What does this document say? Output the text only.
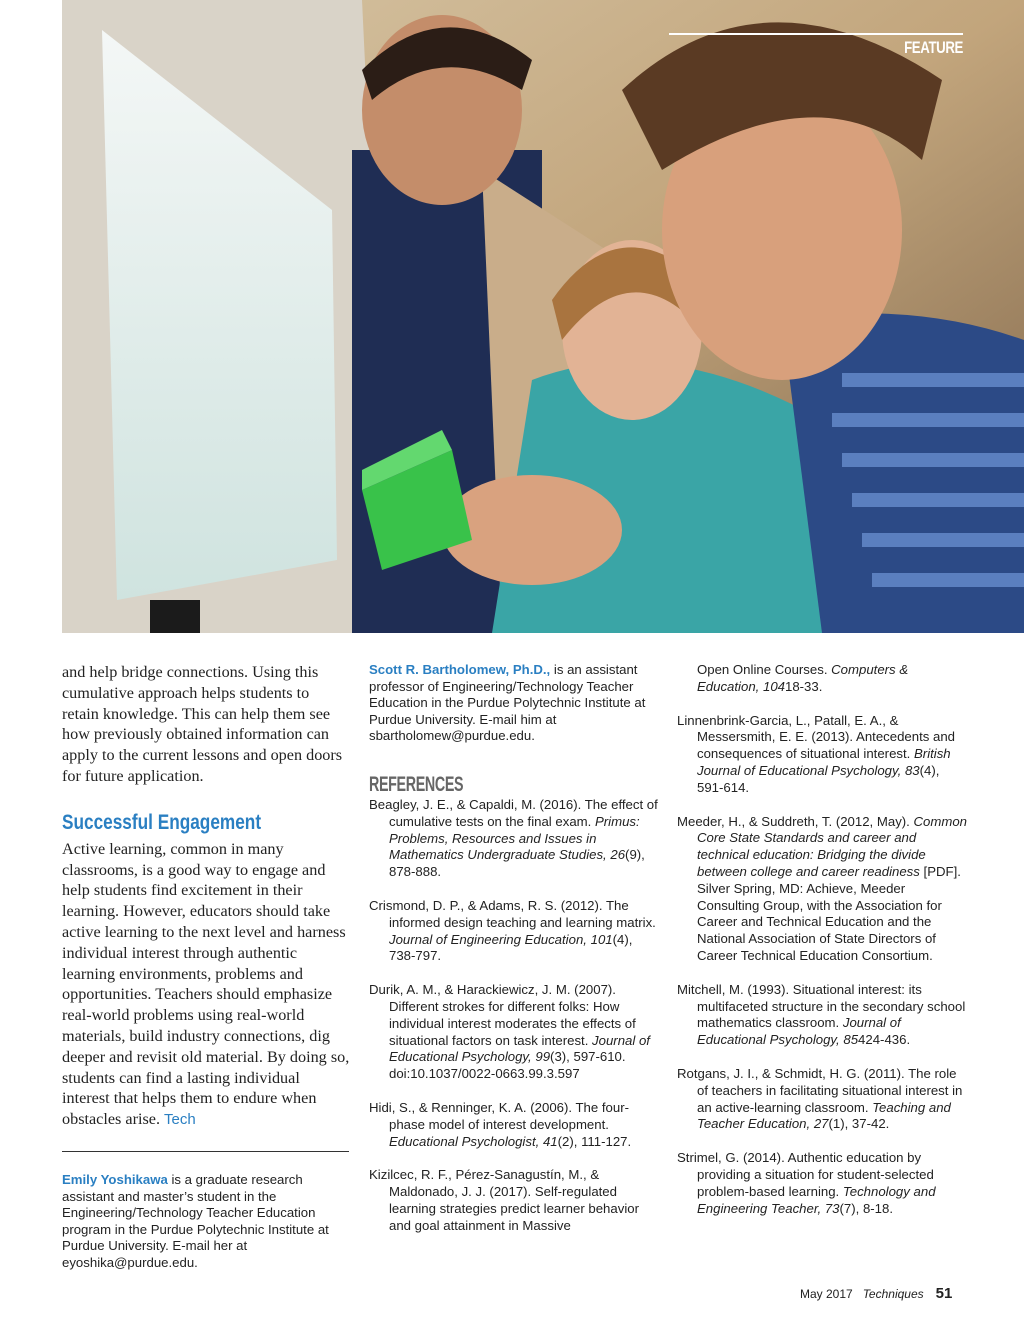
FEATURE

and help bridge connections. Using this cumulative approach helps students to retain knowledge. This can help them see how previously obtained information can apply to the current lessons and open doors for future application.

Successful Engagement

Active learning, common in many classrooms, is a good way to engage and help students find excitement in their learning. However, educators should take active learning to the next level and harness individual interest through authentic learning environments, problems and opportunities. Teachers should emphasize real-world problems using real-world materials, build industry connections, dig deeper and revisit old material. By doing so, students can find a lasting individual interest that helps them to endure when obstacles arise. Tech

Emily Yoshikawa is a graduate research assistant and master’s student in the Engineering/Technology Teacher Education program in the Purdue Polytechnic Institute at Purdue University. E-mail her at eyoshika@purdue.edu.

Scott R. Bartholomew, Ph.D., is an assistant professor of Engineering/Technology Teacher Education in the Purdue Polytechnic Institute at Purdue University. E-mail him at sbartholomew@purdue.edu.

REFERENCES

Beagley, J. E., & Capaldi, M. (2016). The effect of cumulative tests on the final exam. Primus: Problems, Resources and Issues in Mathematics Undergraduate Studies, 26(9), 878-888.

Crismond, D. P., & Adams, R. S. (2012). The informed design teaching and learning matrix. Journal of Engineering Education, 101(4), 738-797.

Durik, A. M., & Harackiewicz, J. M. (2007). Different strokes for different folks: How individual interest moderates the effects of situational factors on task interest. Journal of Educational Psychology, 99(3), 597-610. doi:10.1037/0022-0663.99.3.597

Hidi, S., & Renninger, K. A. (2006). The four-phase model of interest development. Educational Psychologist, 41(2), 111-127.

Kizilcec, R. F., Pérez-Sanagustín, M., & Maldonado, J. J. (2017). Self-regulated learning strategies predict learner behavior and goal attainment in Massive

Open Online Courses. Computers & Education, 10418-33.

Linnenbrink-Garcia, L., Patall, E. A., & Messersmith, E. E. (2013). Antecedents and consequences of situational interest. British Journal of Educational Psychology, 83(4), 591-614.

Meeder, H., & Suddreth, T. (2012, May). Common Core State Standards and career and technical education: Bridging the divide between college and career readiness [PDF]. Silver Spring, MD: Achieve, Meeder Consulting Group, with the Association for Career and Technical Education and the National Association of State Directors of Career Technical Education Consortium.

Mitchell, M. (1993). Situational interest: its multifaceted structure in the secondary school mathematics classroom. Journal of Educational Psychology, 85424-436.

Rotgans, J. I., & Schmidt, H. G. (2011). The role of teachers in facilitating situational interest in an active-learning classroom. Teaching and Teacher Education, 27(1), 37-42.

Strimel, G. (2014). Authentic education by providing a situation for student-selected problem-based learning. Technology and Engineering Teacher, 73(7), 8-18.

May 2017 Techniques 51
